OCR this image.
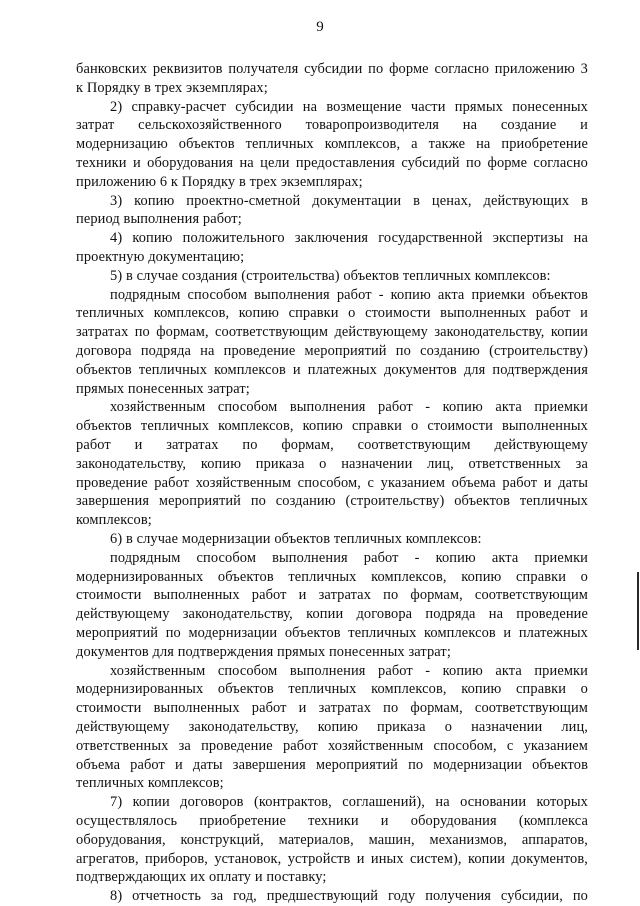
9
банковских реквизитов получателя субсидии по форме согласно приложению 3
к Порядку в трех экземплярах;
2) справку-расчет субсидии на возмещение части прямых понесенных
затрат сельскохозяйственного товаропроизводителя на создание и
модернизацию объектов тепличных комплексов, а также на приобретение
техники и оборудования на цели предоставления субсидий по форме согласно
приложению 6 к Порядку в трех экземплярах;
3) копию проектно-сметной документации в ценах, действующих в
период выполнения работ;
4) копию положительного заключения государственной экспертизы на
проектную документацию;
5) в случае создания (строительства) объектов тепличных комплексов:
подрядным способом выполнения работ - копию акта приемки объектов
тепличных комплексов, копию справки о стоимости выполненных работ и
затратах по формам, соответствующим действующему законодательству, копии
договора подряда на проведение мероприятий по созданию (строительству)
объектов тепличных комплексов и платежных документов для подтверждения
прямых понесенных затрат;
хозяйственным способом выполнения работ - копию акта приемки
объектов тепличных комплексов, копию справки о стоимости выполненных
работ и затратах по формам, соответствующим действующему
законодательству, копию приказа о назначении лиц, ответственных за
проведение работ хозяйственным способом, с указанием объема работ и даты
завершения мероприятий по созданию (строительству) объектов тепличных
комплексов;
6) в случае модернизации объектов тепличных комплексов:
подрядным способом выполнения работ - копию акта приемки
модернизированных объектов тепличных комплексов, копию справки о
стоимости выполненных работ и затратах по формам, соответствующим
действующему законодательству, копии договора подряда на проведение
мероприятий по модернизации объектов тепличных комплексов и платежных
документов для подтверждения прямых понесенных затрат;
хозяйственным способом выполнения работ - копию акта приемки
модернизированных объектов тепличных комплексов, копию справки о
стоимости выполненных работ и затратах по формам, соответствующим
действующему законодательству, копию приказа о назначении лиц,
ответственных за проведение работ хозяйственным способом, с указанием
объема работ и даты завершения мероприятий по модернизации объектов
тепличных комплексов;
7) копии договоров (контрактов, соглашений), на основании которых
осуществлялось приобретение техники и оборудования (комплекса
оборудования, конструкций, материалов, машин, механизмов, аппаратов,
агрегатов, приборов, установок, устройств и иных систем), копии документов,
подтверждающих их оплату и поставку;
8) отчетность за год, предшествующий году получения субсидии, по
